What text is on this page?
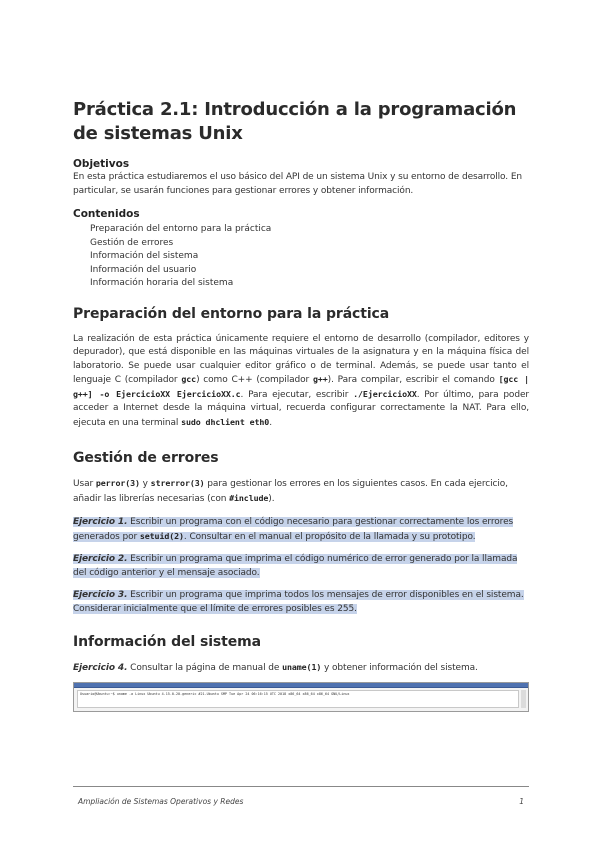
Práctica 2.1: Introducción a la programación de sistemas Unix
Objetivos

En esta práctica estudiaremos el uso básico del API de un sistema Unix y su entorno de desarrollo. En particular, se usarán funciones para gestionar errores y obtener información.

Contenidos
Preparación del entorno para la práctica
Gestión de errores
Información del sistema
Información del usuario
Información horaria del sistema
Preparación del entorno para la práctica

La realización de esta práctica únicamente requiere el entorno de desarrollo (compilador, editores y depurador), que está disponible en las máquinas virtuales de la asignatura y en la máquina física del laboratorio. Se puede usar cualquier editor gráfico o de terminal. Además, se puede usar tanto el lenguaje C (compilador gcc) como C++ (compilador g++). Para compilar, escribir el comando [gcc | g++] -o EjercicioXX EjercicioXX.c. Para ejecutar, escribir ./EjercicioXX. Por último, para poder acceder a Internet desde la máquina virtual, recuerda configurar correctamente la NAT. Para ello, ejecuta en una terminal sudo dhclient eth0.

Gestión de errores

Usar perror(3) y strerror(3) para gestionar los errores en los siguientes casos. En cada ejercicio, añadir las librerías necesarias (con #include).

Ejercicio 1. Escribir un programa con el código necesario para gestionar correctamente los errores generados por setuid(2). Consultar en el manual el propósito de la llamada y su prototipo.

Ejercicio 2. Escribir un programa que imprima el código numérico de error generado por la llamada del código anterior y el mensaje asociado.

Ejercicio 3. Escribir un programa que imprima todos los mensajes de error disponibles en el sistema. Considerar inicialmente que el límite de errores posibles es 255.

Información del sistema

Ejercicio 4. Consultar la página de manual de uname(1) y obtener información del sistema.

Usuario@Ubuntu:~$ uname -a Linux Ubuntu 4.15.0-20-generic #21-Ubuntu SMP Tue Apr 24 06:16:15 UTC 2018 x86_64 x86_64 x86_64 GNU/Linux
Ampliación de Sistemas Operativos y Redes	1
